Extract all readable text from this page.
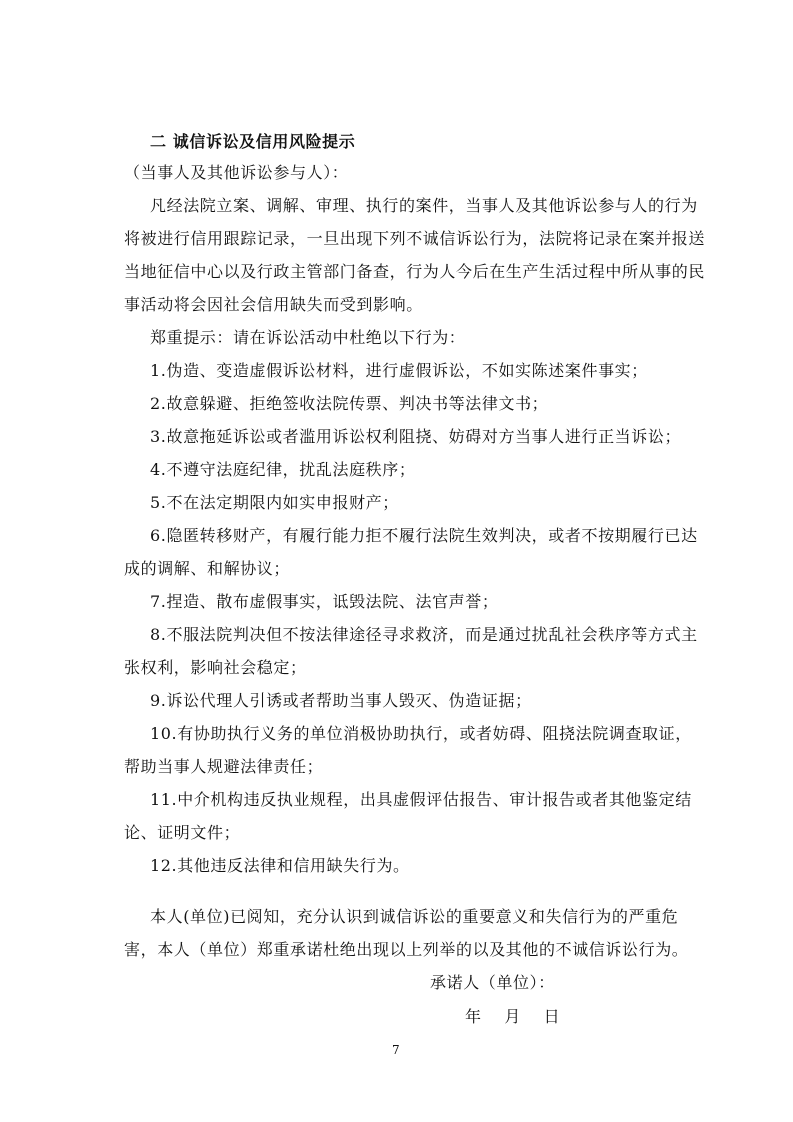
二 诚信诉讼及信用风险提示
（当事人及其他诉讼参与人）：
凡经法院立案、调解、审理、执行的案件，当事人及其他诉讼参与人的行为
将被进行信用跟踪记录，一旦出现下列不诚信诉讼行为，法院将记录在案并报送
当地征信中心以及行政主管部门备查，行为人今后在生产生活过程中所从事的民
事活动将会因社会信用缺失而受到影响。
郑重提示：请在诉讼活动中杜绝以下行为：
1.伪造、变造虚假诉讼材料，进行虚假诉讼，不如实陈述案件事实；
2.故意躲避、拒绝签收法院传票、判决书等法律文书；
3.故意拖延诉讼或者滥用诉讼权利阻挠、妨碍对方当事人进行正当诉讼；
4.不遵守法庭纪律，扰乱法庭秩序；
5.不在法定期限内如实申报财产；
6.隐匿转移财产，有履行能力拒不履行法院生效判决，或者不按期履行已达
成的调解、和解协议；
7.捏造、散布虚假事实，诋毁法院、法官声誉；
8.不服法院判决但不按法律途径寻求救济，而是通过扰乱社会秩序等方式主
张权利，影响社会稳定；
9.诉讼代理人引诱或者帮助当事人毁灭、伪造证据；
10.有协助执行义务的单位消极协助执行，或者妨碍、阻挠法院调查取证，
帮助当事人规避法律责任；
11.中介机构违反执业规程，出具虚假评估报告、审计报告或者其他鉴定结
论、证明文件；
12.其他违反法律和信用缺失行为。
本人(单位)已阅知，充分认识到诚信诉讼的重要意义和失信行为的严重危
害，本人（单位）郑重承诺杜绝出现以上列举的以及其他的不诚信诉讼行为。
承诺人（单位）：
年    月    日
7
